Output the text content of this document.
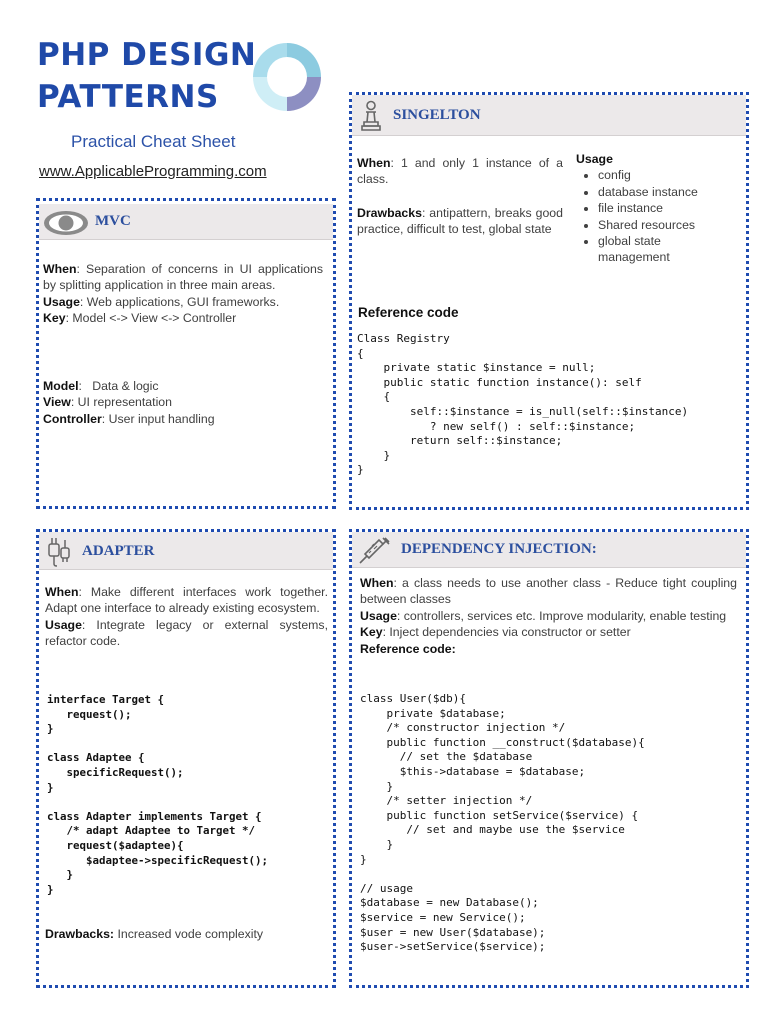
PHP DESIGN
PATTERNS
Practical Cheat Sheet
www.ApplicableProgramming.com
MVC
When: Separation of concerns in UI applications by splitting application in three main areas.
Usage: Web applications, GUI frameworks.
Key: Model <-> View <-> Controller
Model:   Data & logic
View: UI representation
Controller: User input handling
SINGELTON
When: 1 and only 1 instance of a class.
Drawbacks: antipattern, breaks good practice, difficult to test, global state
Usage
• config
• database instance
• file instance
• Shared resources
• global state management
Reference code
Class Registry
{
private static $instance = null;
public static function instance(): self
{
self::$instance = is_null(self::$instance)
? new self() : self::$instance;
return self::$instance;
}
}
ADAPTER
When: Make different interfaces work together. Adapt one interface to already existing ecosystem.
Usage: Integrate legacy or external systems, refactor code.
interface Target {
request();
}

class Adaptee {
specificRequest();
}

class Adapter implements Target {
/* adapt Adaptee to Target */
request($adaptee){
$adaptee->specificRequest();
}
}
Drawbacks: Increased vode complexity
DEPENDENCY INJECTION:
When: a class needs to use another class - Reduce tight coupling between classes
Usage: controllers, services etc. Improve modularity, enable testing
Key: Inject dependencies via constructor or setter
Reference code:
class User($db){
private $database;
/* constructor injection */
public function __construct($database){
// set the $database
$this->database = $database;
}
/* setter injection */
public function setService($service) {
// set and maybe use the $service
}
}

// usage
$database = new Database();
$service = new Service();
$user = new User($database);
$user->setService($service);
